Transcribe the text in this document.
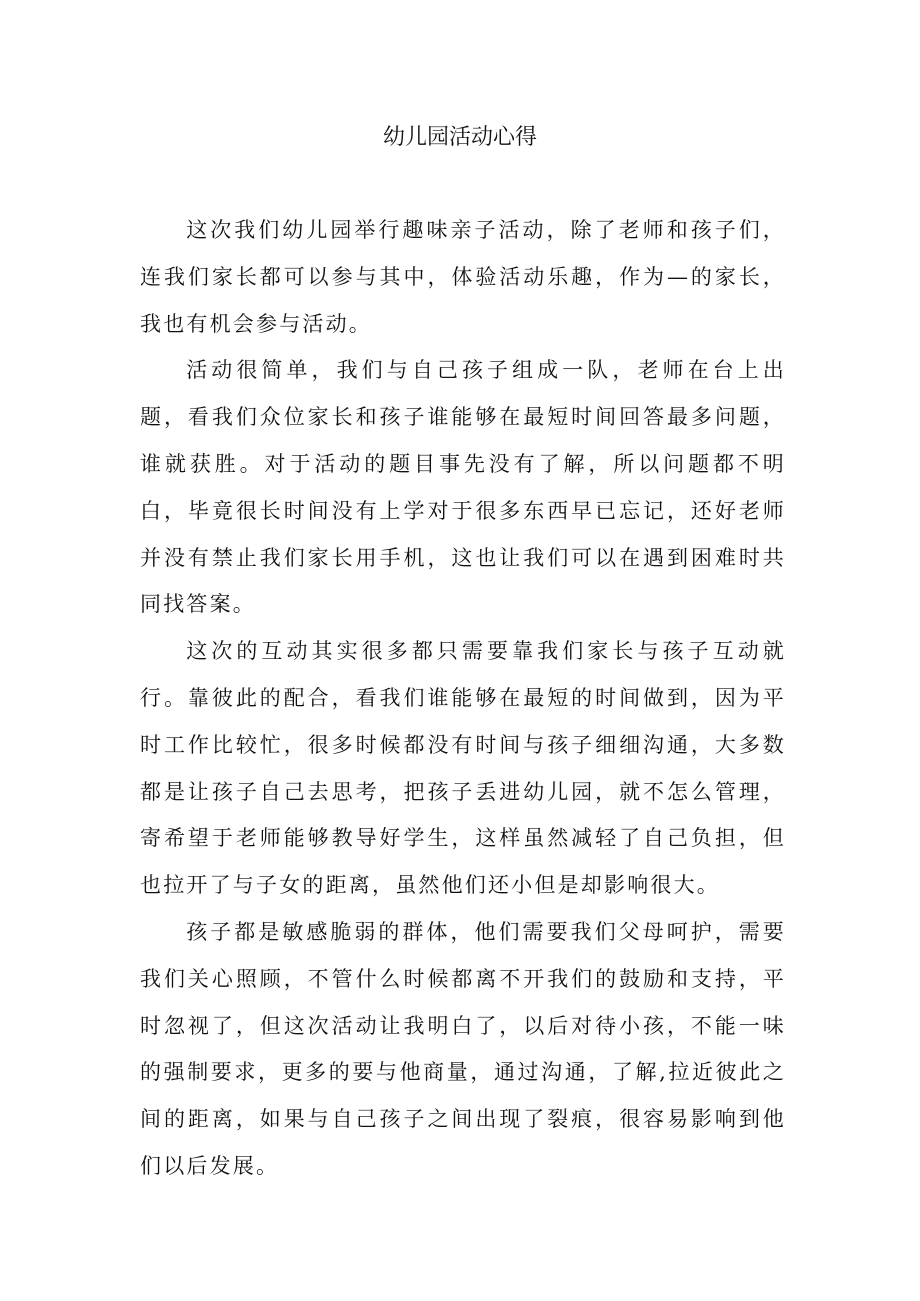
幼儿园活动心得

这次我们幼儿园举行趣味亲子活动，除了老师和孩子们，连我们家长都可以参与其中，体验活动乐趣，作为—的家长，我也有机会参与活动。

活动很简单，我们与自己孩子组成一队，老师在台上出题，看我们众位家长和孩子谁能够在最短时间回答最多问题，谁就获胜。对于活动的题目事先没有了解，所以问题都不明白，毕竟很长时间没有上学对于很多东西早已忘记，还好老师并没有禁止我们家长用手机，这也让我们可以在遇到困难时共同找答案。

这次的互动其实很多都只需要靠我们家长与孩子互动就行。靠彼此的配合，看我们谁能够在最短的时间做到，因为平时工作比较忙，很多时候都没有时间与孩子细细沟通，大多数都是让孩子自己去思考，把孩子丢进幼儿园，就不怎么管理，寄希望于老师能够教导好学生，这样虽然减轻了自己负担，但也拉开了与子女的距离，虽然他们还小但是却影响很大。

孩子都是敏感脆弱的群体，他们需要我们父母呵护，需要我们关心照顾，不管什么时候都离不开我们的鼓励和支持，平时忽视了，但这次活动让我明白了，以后对待小孩，不能一味的强制要求，更多的要与他商量，通过沟通，了解,拉近彼此之间的距离，如果与自己孩子之间出现了裂痕，很容易影响到他们以后发展。
